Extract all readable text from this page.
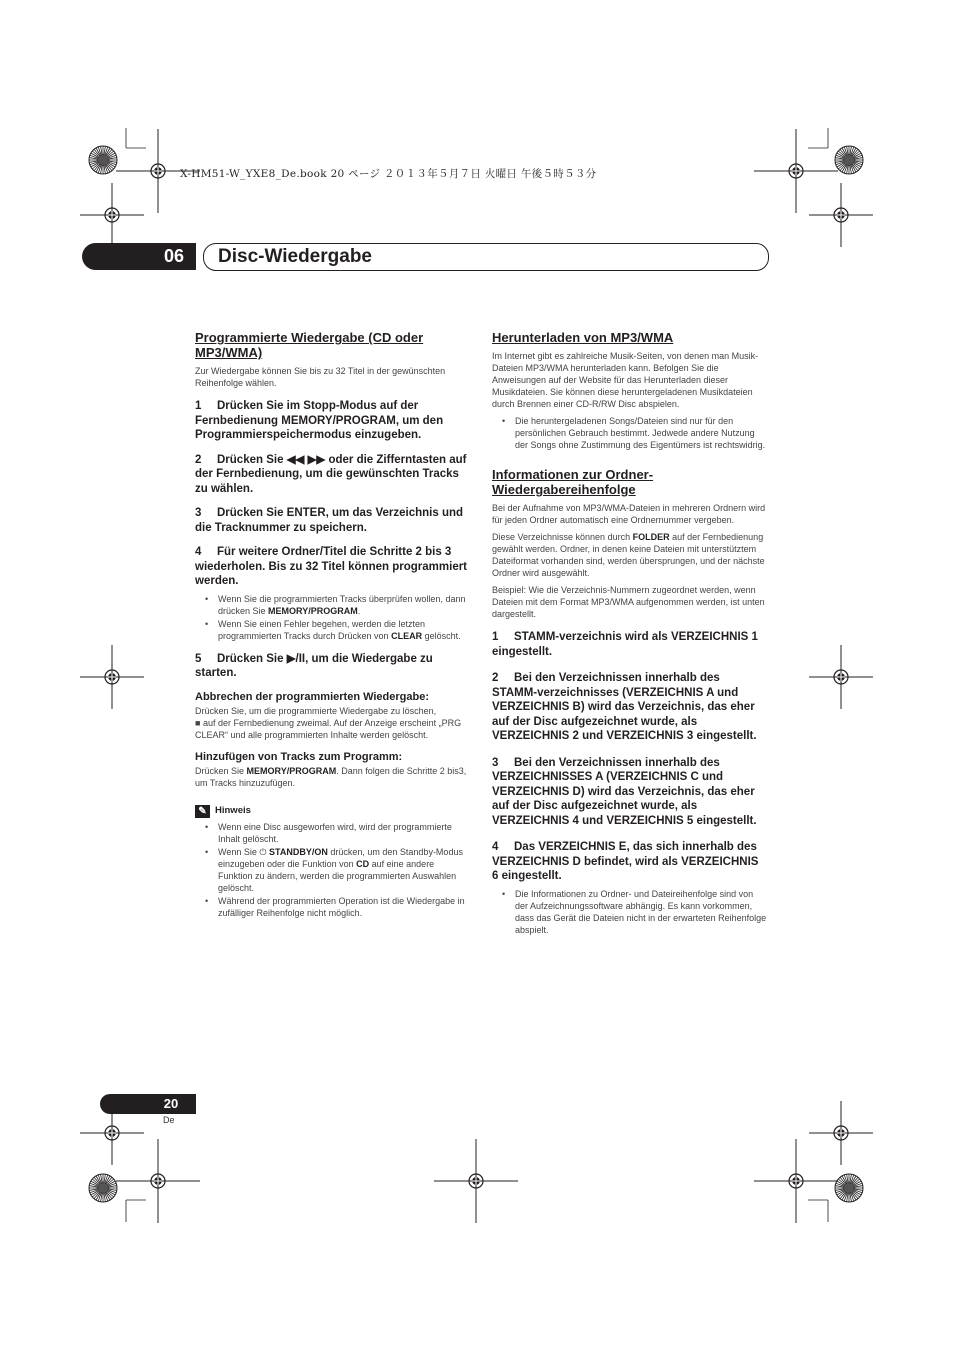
X-HM51-W_YXE8_De.book 20 ページ ２０１３年５月７日 火曜日 午後５時５３分
06	Disc-Wiedergabe
Programmierte Wiedergabe (CD oder MP3/WMA)
Zur Wiedergabe können Sie bis zu 32 Titel in der gewünschten Reihenfolge wählen.
1 Drücken Sie im Stopp-Modus auf der Fernbedienung MEMORY/PROGRAM, um den Programmierspeichermodus einzugeben.
2 Drücken Sie ◀◀ ▶▶ oder die Zifferntasten auf der Fernbedienung, um die gewünschten Tracks zu wählen.
3 Drücken Sie ENTER, um das Verzeichnis und die Tracknummer zu speichern.
4 Für weitere Ordner/Titel die Schritte 2 bis 3 wiederholen. Bis zu 32 Titel können programmiert werden.
• Wenn Sie die programmierten Tracks überprüfen wollen, dann drücken Sie MEMORY/PROGRAM.
• Wenn Sie einen Fehler begehen, werden die letzten programmierten Tracks durch Drücken von CLEAR gelöscht.
5 Drücken Sie ▶/II, um die Wiedergabe zu starten.
Abbrechen der programmierten Wiedergabe:
Drücken Sie, um die programmierte Wiedergabe zu löschen,
■ auf der Fernbedienung zweimal. Auf der Anzeige erscheint „PRG CLEAR“ und alle programmierten Inhalte werden gelöscht.
Hinzufügen von Tracks zum Programm:
Drücken Sie MEMORY/PROGRAM. Dann folgen die Schritte 2 bis3, um Tracks hinzuzufügen.
✎ Hinweis
• Wenn eine Disc ausgeworfen wird, wird der programmierte Inhalt gelöscht.
• Wenn Sie ⏻ STANDBY/ON drücken, um den Standby-Modus einzugeben oder die Funktion von CD auf eine andere Funktion zu ändern, werden die programmierten Auswahlen gelöscht.
• Während der programmierten Operation ist die Wiedergabe in zufälliger Reihenfolge nicht möglich.
Herunterladen von MP3/WMA
Im Internet gibt es zahlreiche Musik-Seiten, von denen man Musik-Dateien MP3/WMA herunterladen kann. Befolgen Sie die Anweisungen auf der Website für das Herunterladen dieser Musikdateien. Sie können diese heruntergeladenen Musikdateien durch Brennen einer CD-R/RW Disc abspielen.
• Die heruntergeladenen Songs/Dateien sind nur für den persönlichen Gebrauch bestimmt. Jedwede andere Nutzung der Songs ohne Zustimmung des Eigentümers ist rechtswidrig.
Informationen zur Ordner-Wiedergabereihenfolge
Bei der Aufnahme von MP3/WMA-Dateien in mehreren Ordnern wird für jeden Ordner automatisch eine Ordnernummer vergeben.
Diese Verzeichnisse können durch FOLDER auf der Fernbedienung gewählt werden. Ordner, in denen keine Dateien mit unterstütztem Dateiformat vorhanden sind, werden übersprungen, und der nächste Ordner wird ausgewählt.
Beispiel: Wie die Verzeichnis-Nummern zugeordnet werden, wenn Dateien mit dem Format MP3/WMA aufgenommen werden, ist unten dargestellt.
1 STAMM-verzeichnis wird als VERZEICHNIS 1 eingestellt.
2 Bei den Verzeichnissen innerhalb des STAMM-verzeichnisses (VERZEICHNIS A und VERZEICHNIS B) wird das Verzeichnis, das eher auf der Disc aufgezeichnet wurde, als VERZEICHNIS 2 und VERZEICHNIS 3 eingestellt.
3 Bei den Verzeichnissen innerhalb des VERZEICHNISSES A (VERZEICHNIS C und VERZEICHNIS D) wird das Verzeichnis, das eher auf der Disc aufgezeichnet wurde, als VERZEICHNIS 4 und VERZEICHNIS 5 eingestellt.
4 Das VERZEICHNIS E, das sich innerhalb des VERZEICHNIS D befindet, wird als VERZEICHNIS 6 eingestellt.
• Die Informationen zu Ordner- und Dateireihenfolge sind von der Aufzeichnungssoftware abhängig. Es kann vorkommen, dass das Gerät die Dateien nicht in der erwarteten Reihenfolge abspielt.
20
De
